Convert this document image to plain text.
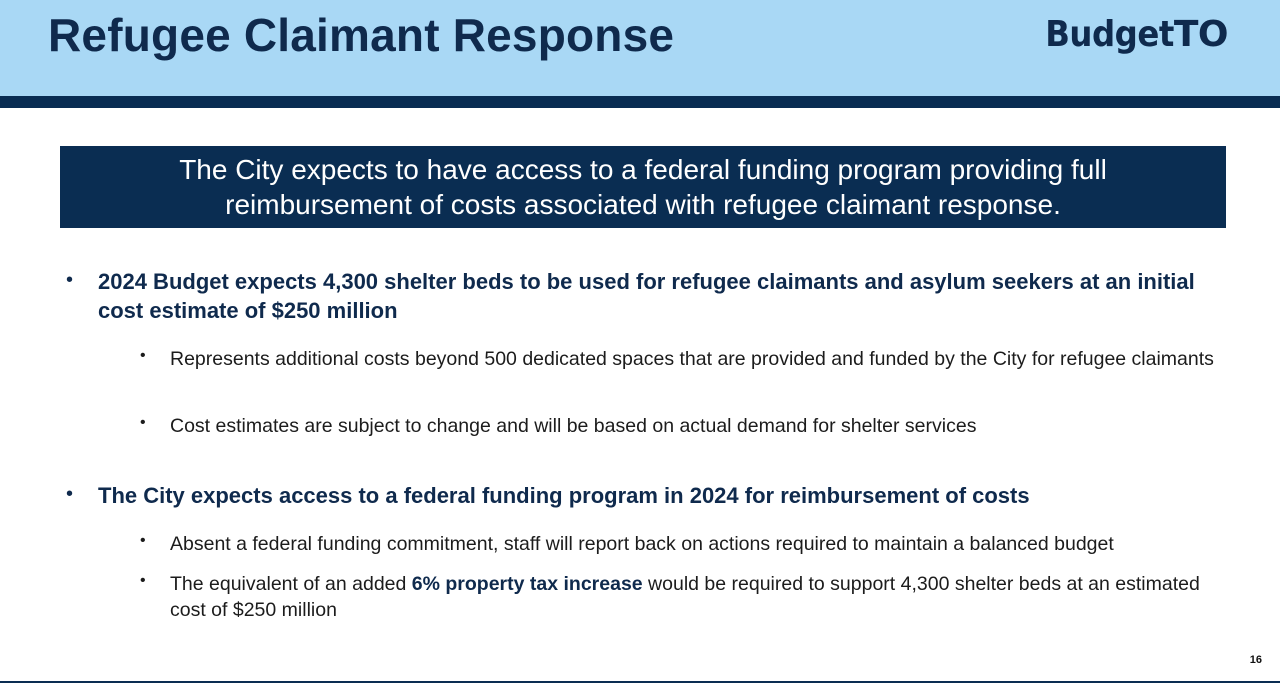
Refugee Claimant Response	BudgetTO
The City expects to have access to a federal funding program providing full
reimbursement of costs associated with refugee claimant response.
• 2024 Budget expects 4,300 shelter beds to be used for refugee claimants and asylum seekers at an initial cost estimate of $250 million
• Represents additional costs beyond 500 dedicated spaces that are provided and funded by the City for refugee claimants
• Cost estimates are subject to change and will be based on actual demand for shelter services
• The City expects access to a federal funding program in 2024 for reimbursement of costs
• Absent a federal funding commitment, staff will report back on actions required to maintain a balanced budget
• The equivalent of an added 6% property tax increase would be required to support 4,300 shelter beds at an estimated cost of $250 million
16
